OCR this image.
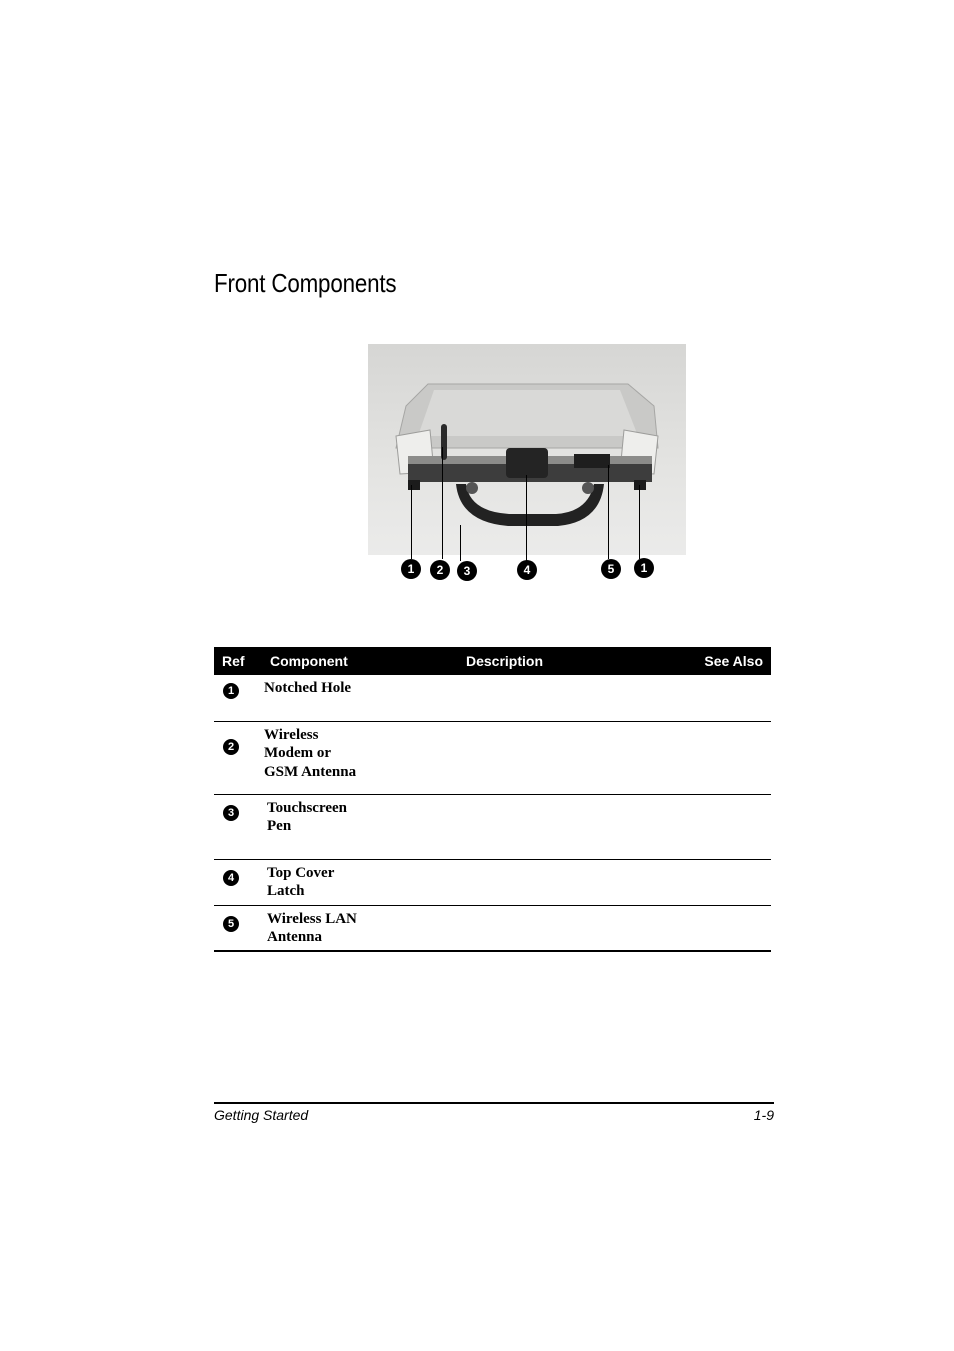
Front Components
1	2	3	4	5	1
Ref	Component	Description	See Also
1	Notched Hole		

2	Wireless Modem or GSM Antenna		

3	Touchscreen Pen		

4	Top Cover Latch		

5	Wireless LAN Antenna		

Getting Started	1-9
